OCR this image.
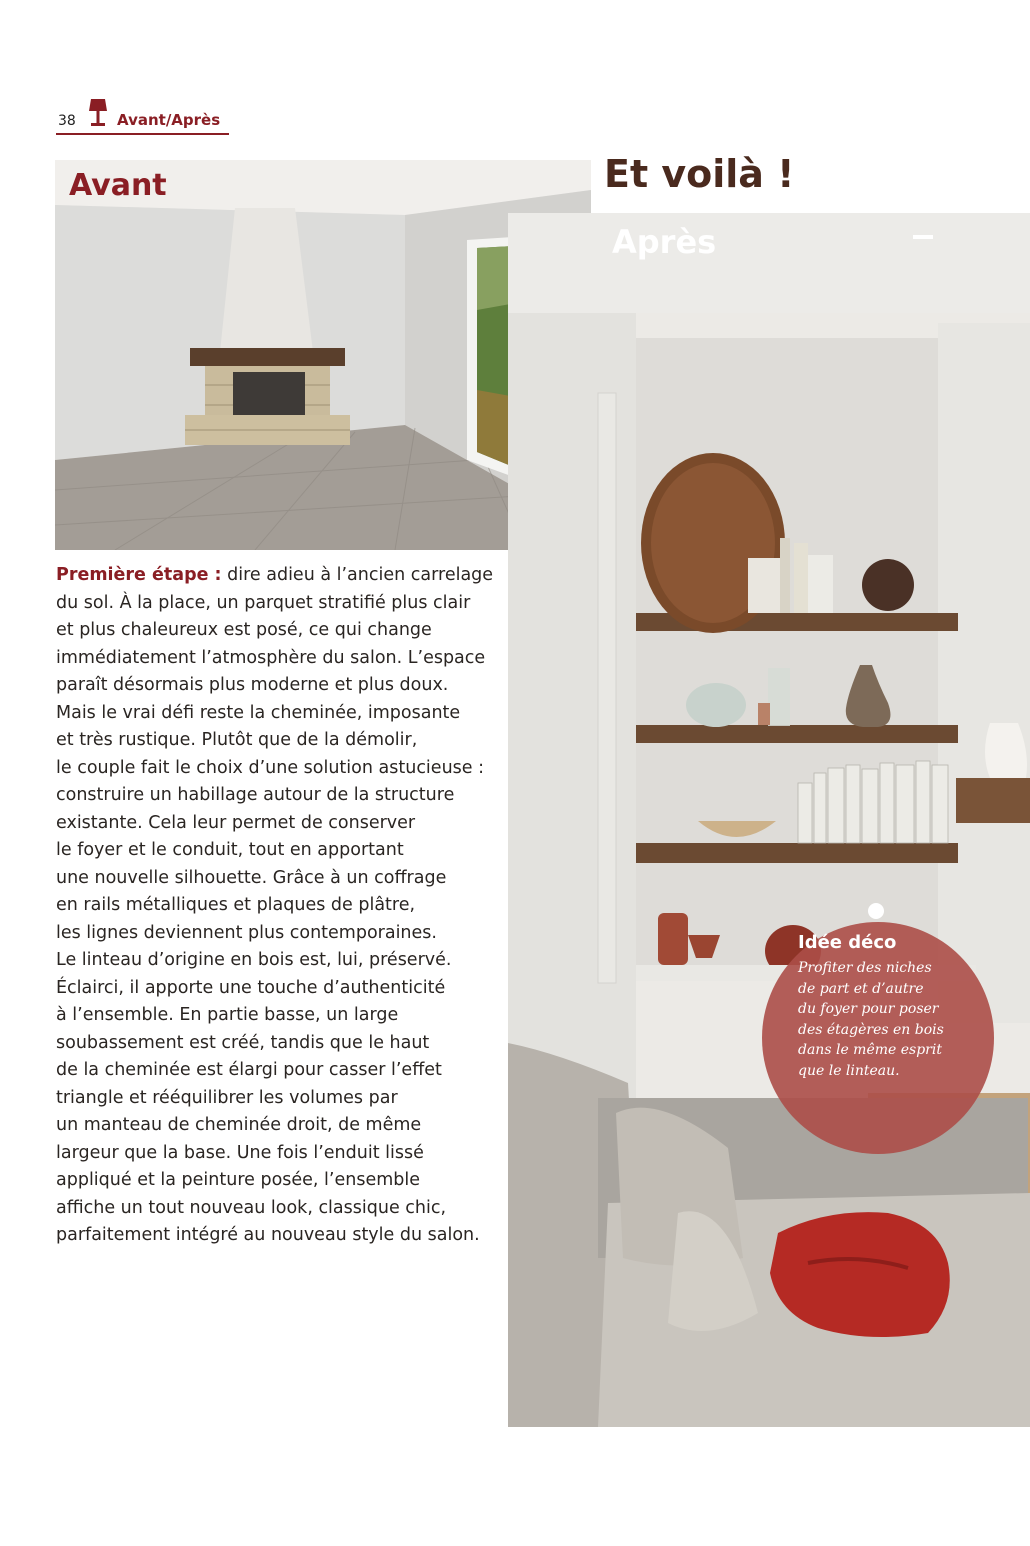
38	Avant/Après
Avant	Et voilà !
Après

Première étape : dire adieu à l’ancien carrelage
du sol. À la place, un parquet stratifié plus clair
et plus chaleureux est posé, ce qui change
immédiatement l’atmosphère du salon. L’espace
paraît désormais plus moderne et plus doux.
Mais le vrai défi reste la cheminée, imposante
et très rustique. Plutôt que de la démolir,
le couple fait le choix d’une solution astucieuse :
construire un habillage autour de la structure
existante. Cela leur permet de conserver
le foyer et le conduit, tout en apportant
une nouvelle silhouette. Grâce à un coffrage
en rails métalliques et plaques de plâtre,
les lignes deviennent plus contemporaines.
Le linteau d’origine en bois est, lui, préservé.
Éclairci, il apporte une touche d’authenticité
à l’ensemble. En partie basse, un large
soubassement est créé, tandis que le haut
de la cheminée est élargi pour casser l’effet
triangle et rééquilibrer les volumes par
un manteau de cheminée droit, de même
largeur que la base. Une fois l’enduit lissé
appliqué et la peinture posée, l’ensemble
affiche un tout nouveau look, classique chic,
parfaitement intégré au nouveau style du salon.

Idée déco
Profiter des niches
de part et d’autre
du foyer pour poser
des étagères en bois
dans le même esprit
que le linteau.
